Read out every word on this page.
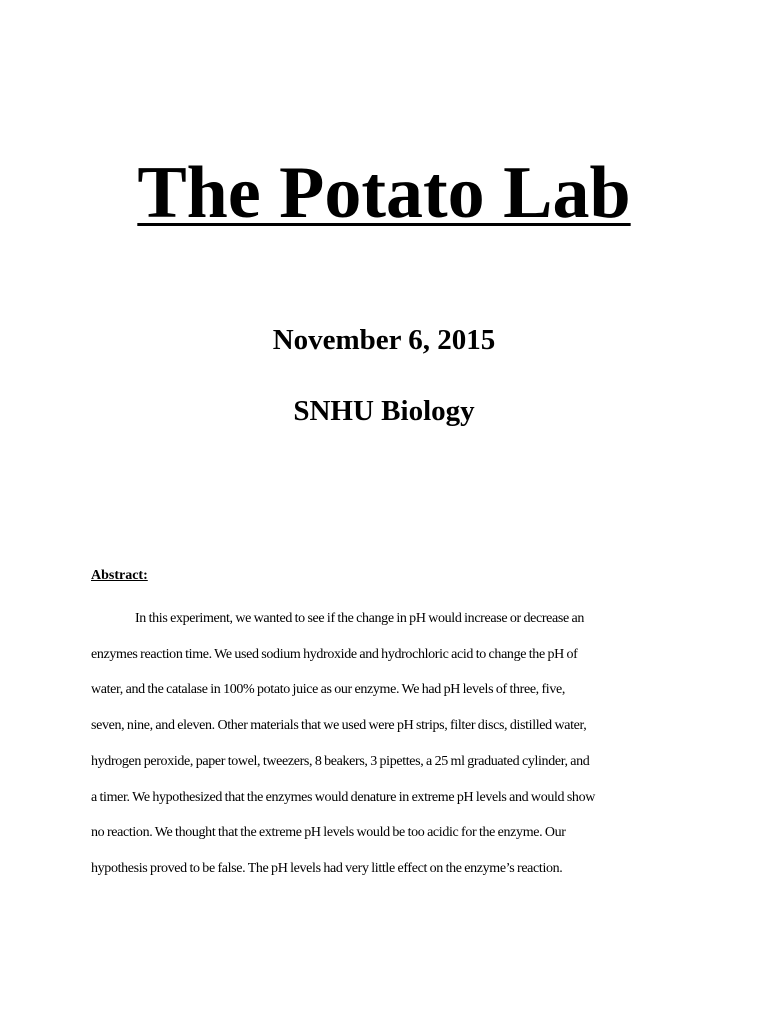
The Potato Lab

November 6, 2015

SNHU Biology

Abstract:

In this experiment, we wanted to see if the change in pH would increase or decrease an
enzymes reaction time. We used sodium hydroxide and hydrochloric acid to change the pH of
water, and the catalase in 100% potato juice as our enzyme. We had pH levels of three, five,
seven, nine, and eleven. Other materials that we used were pH strips, filter discs, distilled water,
hydrogen peroxide, paper towel, tweezers, 8 beakers, 3 pipettes, a 25 ml graduated cylinder, and
a timer. We hypothesized that the enzymes would denature in extreme pH levels and would show
no reaction. We thought that the extreme pH levels would be too acidic for the enzyme. Our
hypothesis proved to be false. The pH levels had very little effect on the enzyme’s reaction.
